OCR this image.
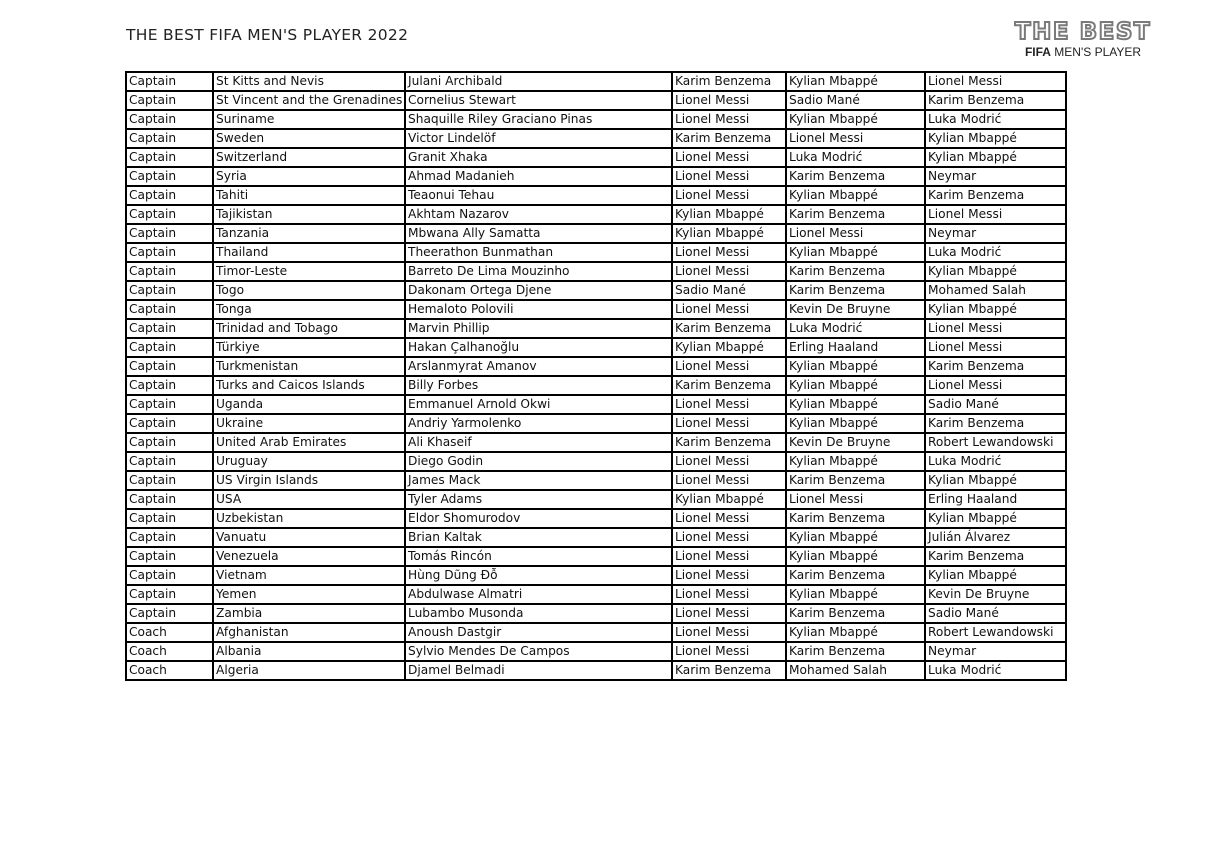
THE BEST FIFA MEN'S PLAYER 2022	THE BEST
FIFA MEN'S PLAYER
Captain	St Kitts and Nevis	Julani Archibald	Karim Benzema	Kylian Mbappé	Lionel Messi
Captain	St Vincent and the Grenadines	Cornelius Stewart	Lionel Messi	Sadio Mané	Karim Benzema
Captain	Suriname	Shaquille Riley Graciano Pinas	Lionel Messi	Kylian Mbappé	Luka Modrić
Captain	Sweden	Victor Lindelöf	Karim Benzema	Lionel Messi	Kylian Mbappé
Captain	Switzerland	Granit Xhaka	Lionel Messi	Luka Modrić	Kylian Mbappé
Captain	Syria	Ahmad Madanieh	Lionel Messi	Karim Benzema	Neymar
Captain	Tahiti	Teaonui Tehau	Lionel Messi	Kylian Mbappé	Karim Benzema
Captain	Tajikistan	Akhtam Nazarov	Kylian Mbappé	Karim Benzema	Lionel Messi
Captain	Tanzania	Mbwana Ally Samatta	Kylian Mbappé	Lionel Messi	Neymar
Captain	Thailand	Theerathon Bunmathan	Lionel Messi	Kylian Mbappé	Luka Modrić
Captain	Timor-Leste	Barreto De Lima Mouzinho	Lionel Messi	Karim Benzema	Kylian Mbappé
Captain	Togo	Dakonam Ortega Djene	Sadio Mané	Karim Benzema	Mohamed Salah
Captain	Tonga	Hemaloto Polovili	Lionel Messi	Kevin De Bruyne	Kylian Mbappé
Captain	Trinidad and Tobago	Marvin Phillip	Karim Benzema	Luka Modrić	Lionel Messi
Captain	Türkiye	Hakan Çalhanoğlu	Kylian Mbappé	Erling Haaland	Lionel Messi
Captain	Turkmenistan	Arslanmyrat Amanov	Lionel Messi	Kylian Mbappé	Karim Benzema
Captain	Turks and Caicos Islands	Billy Forbes	Karim Benzema	Kylian Mbappé	Lionel Messi
Captain	Uganda	Emmanuel Arnold Okwi	Lionel Messi	Kylian Mbappé	Sadio Mané
Captain	Ukraine	Andriy Yarmolenko	Lionel Messi	Kylian Mbappé	Karim Benzema
Captain	United Arab Emirates	Ali Khaseif	Karim Benzema	Kevin De Bruyne	Robert Lewandowski
Captain	Uruguay	Diego Godin	Lionel Messi	Kylian Mbappé	Luka Modrić
Captain	US Virgin Islands	James Mack	Lionel Messi	Karim Benzema	Kylian Mbappé
Captain	USA	Tyler Adams	Kylian Mbappé	Lionel Messi	Erling Haaland
Captain	Uzbekistan	Eldor Shomurodov	Lionel Messi	Karim Benzema	Kylian Mbappé
Captain	Vanuatu	Brian Kaltak	Lionel Messi	Kylian Mbappé	Julián Álvarez
Captain	Venezuela	Tomás Rincón	Lionel Messi	Kylian Mbappé	Karim Benzema
Captain	Vietnam	Hùng Dũng Đỗ	Lionel Messi	Karim Benzema	Kylian Mbappé
Captain	Yemen	Abdulwase Almatri	Lionel Messi	Kylian Mbappé	Kevin De Bruyne
Captain	Zambia	Lubambo Musonda	Lionel Messi	Karim Benzema	Sadio Mané
Coach	Afghanistan	Anoush Dastgir	Lionel Messi	Kylian Mbappé	Robert Lewandowski
Coach	Albania	Sylvio Mendes De Campos	Lionel Messi	Karim Benzema	Neymar
Coach	Algeria	Djamel Belmadi	Karim Benzema	Mohamed Salah	Luka Modrić
